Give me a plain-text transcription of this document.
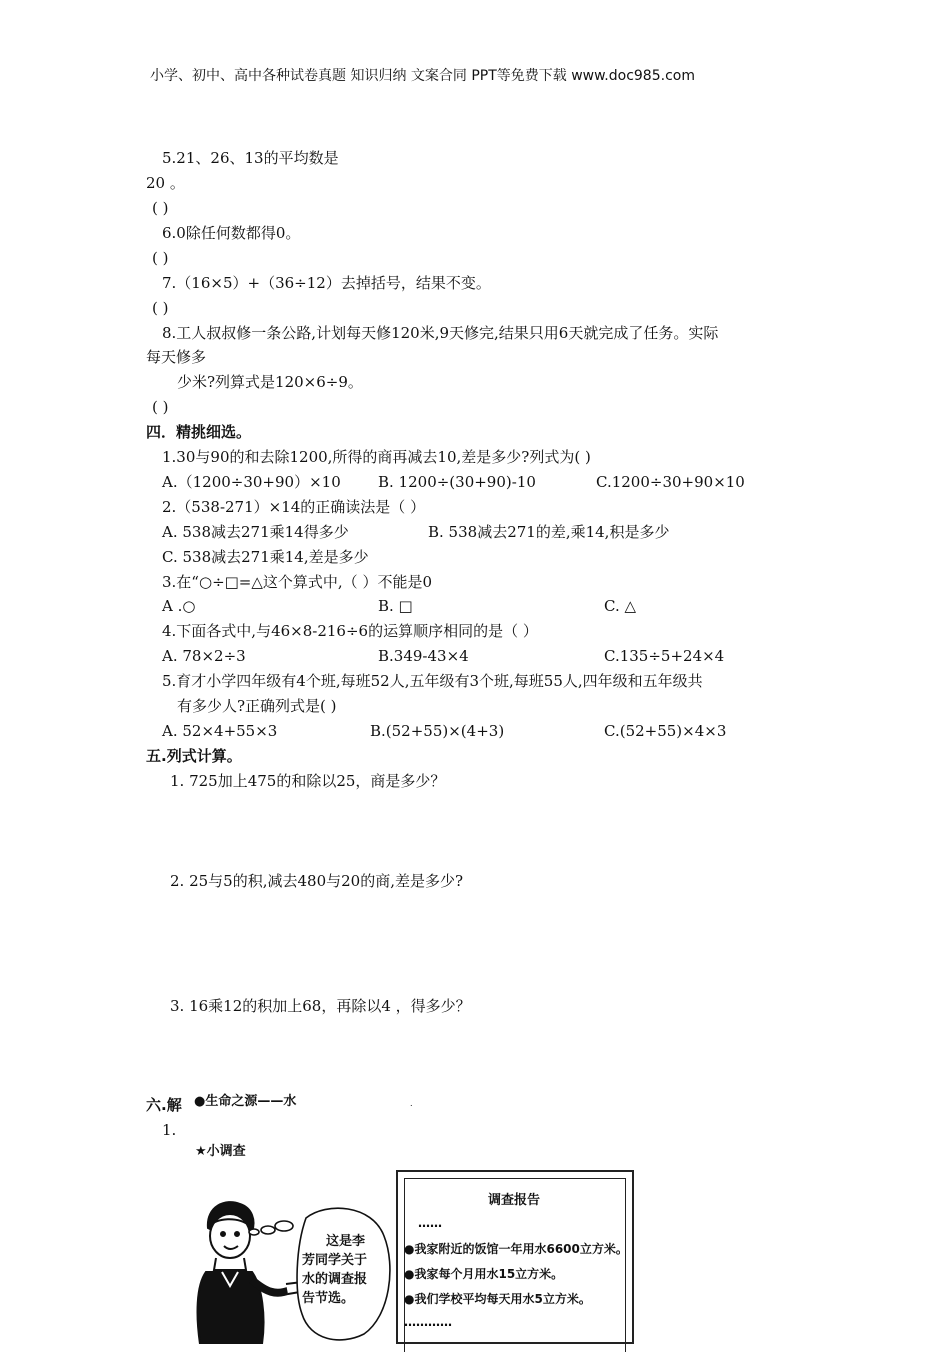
小学、初中、高中各种试卷真题 知识归纳 文案合同 PPT等免费下载 www.doc985.com
5.21、26、13的平均数是
20 。
( )
6.0除任何数都得0。
( )
7.（16×5）+（36÷12）去掉括号，结果不变。
( )
8.工人叔叔修一条公路,计划每天修120米,9天修完,结果只用6天就完成了任务。实际
每天修多
少米?列算式是120×6÷9。
( )
四．精挑细选。
1.30与90的和去除1200,所得的商再减去10,差是多少?列式为( )
A.（1200÷30+90）×10 B. 1200÷(30+90)-10	C.1200÷30+90×10
2.（538-271）×14的正确读法是（ ）
A. 538减去271乘14得多少	B. 538减去271的差,乘14,积是多少
C. 538减去271乘14,差是多少
3.在“○÷□=△这个算式中,（ ）不能是0
A .○	B. □	C. △
4.下面各式中,与46×8-216÷6的运算顺序相同的是（ ）
A. 78×2÷3	B.349-43×4	C.135÷5+24×4
5.育才小学四年级有4个班,每班52人,五年级有3个班,每班55人,四年级和五年级共
有多少人?正确列式是( )
A. 52×4+55×3	B.(52+55)×(4+3)	C.(52+55)×4×3
五.列式计算。
1. 725加上475的和除以25，商是多少？
2. 25与5的积,减去480与20的商,差是多少?
3. 16乘12的积加上68，再除以4 ，得多少？
六.解 ●生命之源——水	.
1.
★小调查
这是李
芳同学关于
水的调查报
告节选。
调查报告
……
●我家附近的饭馆一年用水6600立方米。
●我家每个月用水15立方米。
●我们学校平均每天用水5立方米。
…………
